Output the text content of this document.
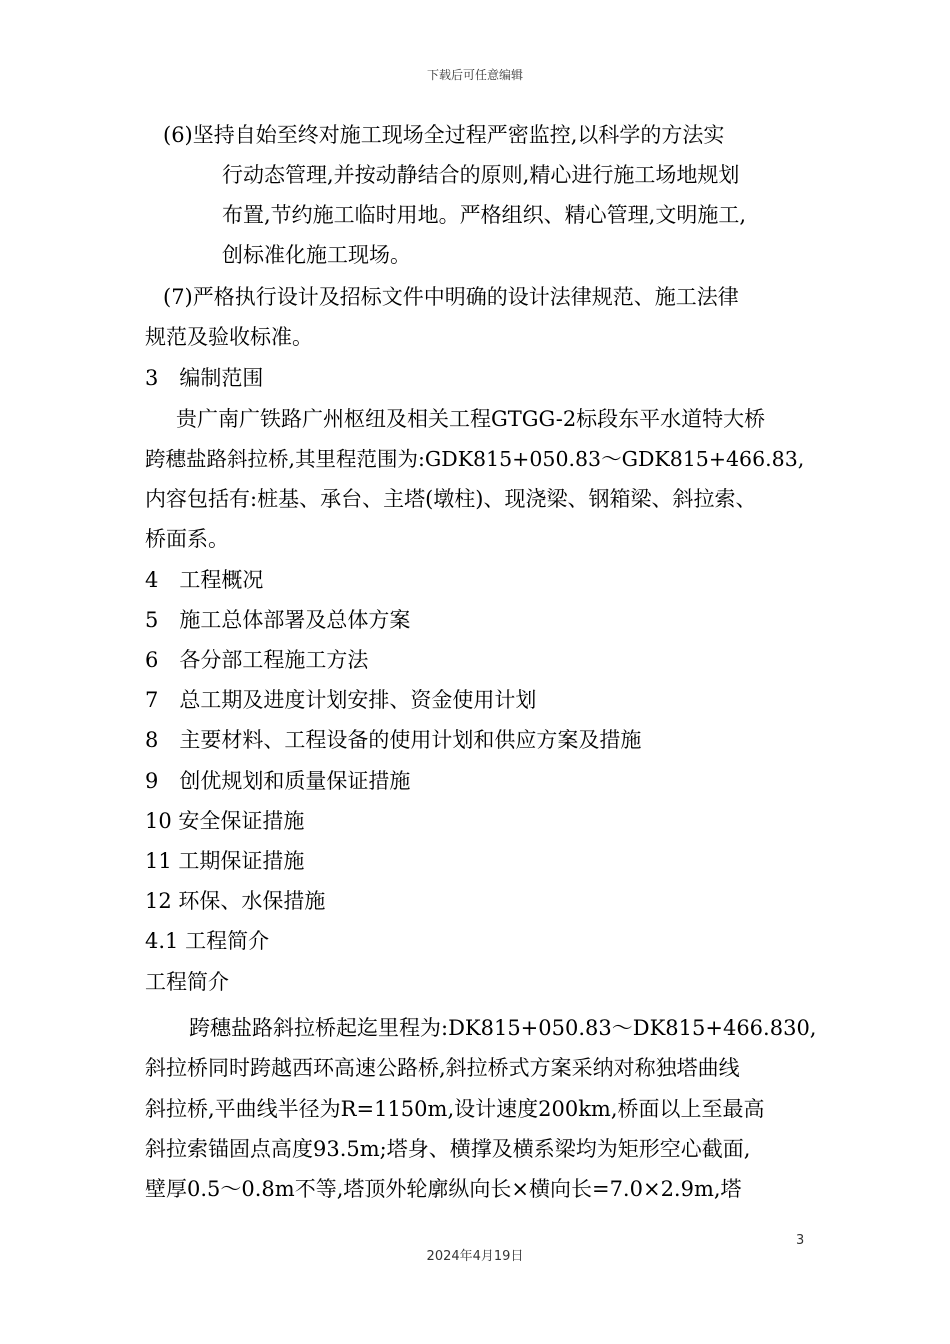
下载后可任意编辑
(6)坚持自始至终对施工现场全过程严密监控,以科学的方法实
行动态管理,并按动静结合的原则,精心进行施工场地规划
布置,节约施工临时用地。严格组织、精心管理,文明施工,
创标准化施工现场。
(7)严格执行设计及招标文件中明确的设计法律规范、施工法律
规范及验收标准。
3　编制范围
贵广南广铁路广州枢纽及相关工程GTGG-2标段东平水道特大桥
跨穗盐路斜拉桥,其里程范围为:GDK815+050.83～GDK815+466.83,
内容包括有:桩基、承台、主塔(墩柱)、现浇梁、钢箱梁、斜拉索、
桥面系。
4　工程概况
5　施工总体部署及总体方案
6　各分部工程施工方法
7　总工期及进度计划安排、资金使用计划
8　主要材料、工程设备的使用计划和供应方案及措施
9　创优规划和质量保证措施
10 安全保证措施
11 工期保证措施
12 环保、水保措施
4.1 工程简介
工程简介
跨穗盐路斜拉桥起迄里程为:DK815+050.83～DK815+466.830,
斜拉桥同时跨越西环高速公路桥,斜拉桥式方案采纳对称独塔曲线
斜拉桥,平曲线半径为R=1150m,设计速度200km,桥面以上至最高
斜拉索锚固点高度93.5m;塔身、横撑及横系梁均为矩形空心截面,
壁厚0.5～0.8m不等,塔顶外轮廓纵向长×横向长=7.0×2.9m,塔
3
2024年4月19日
